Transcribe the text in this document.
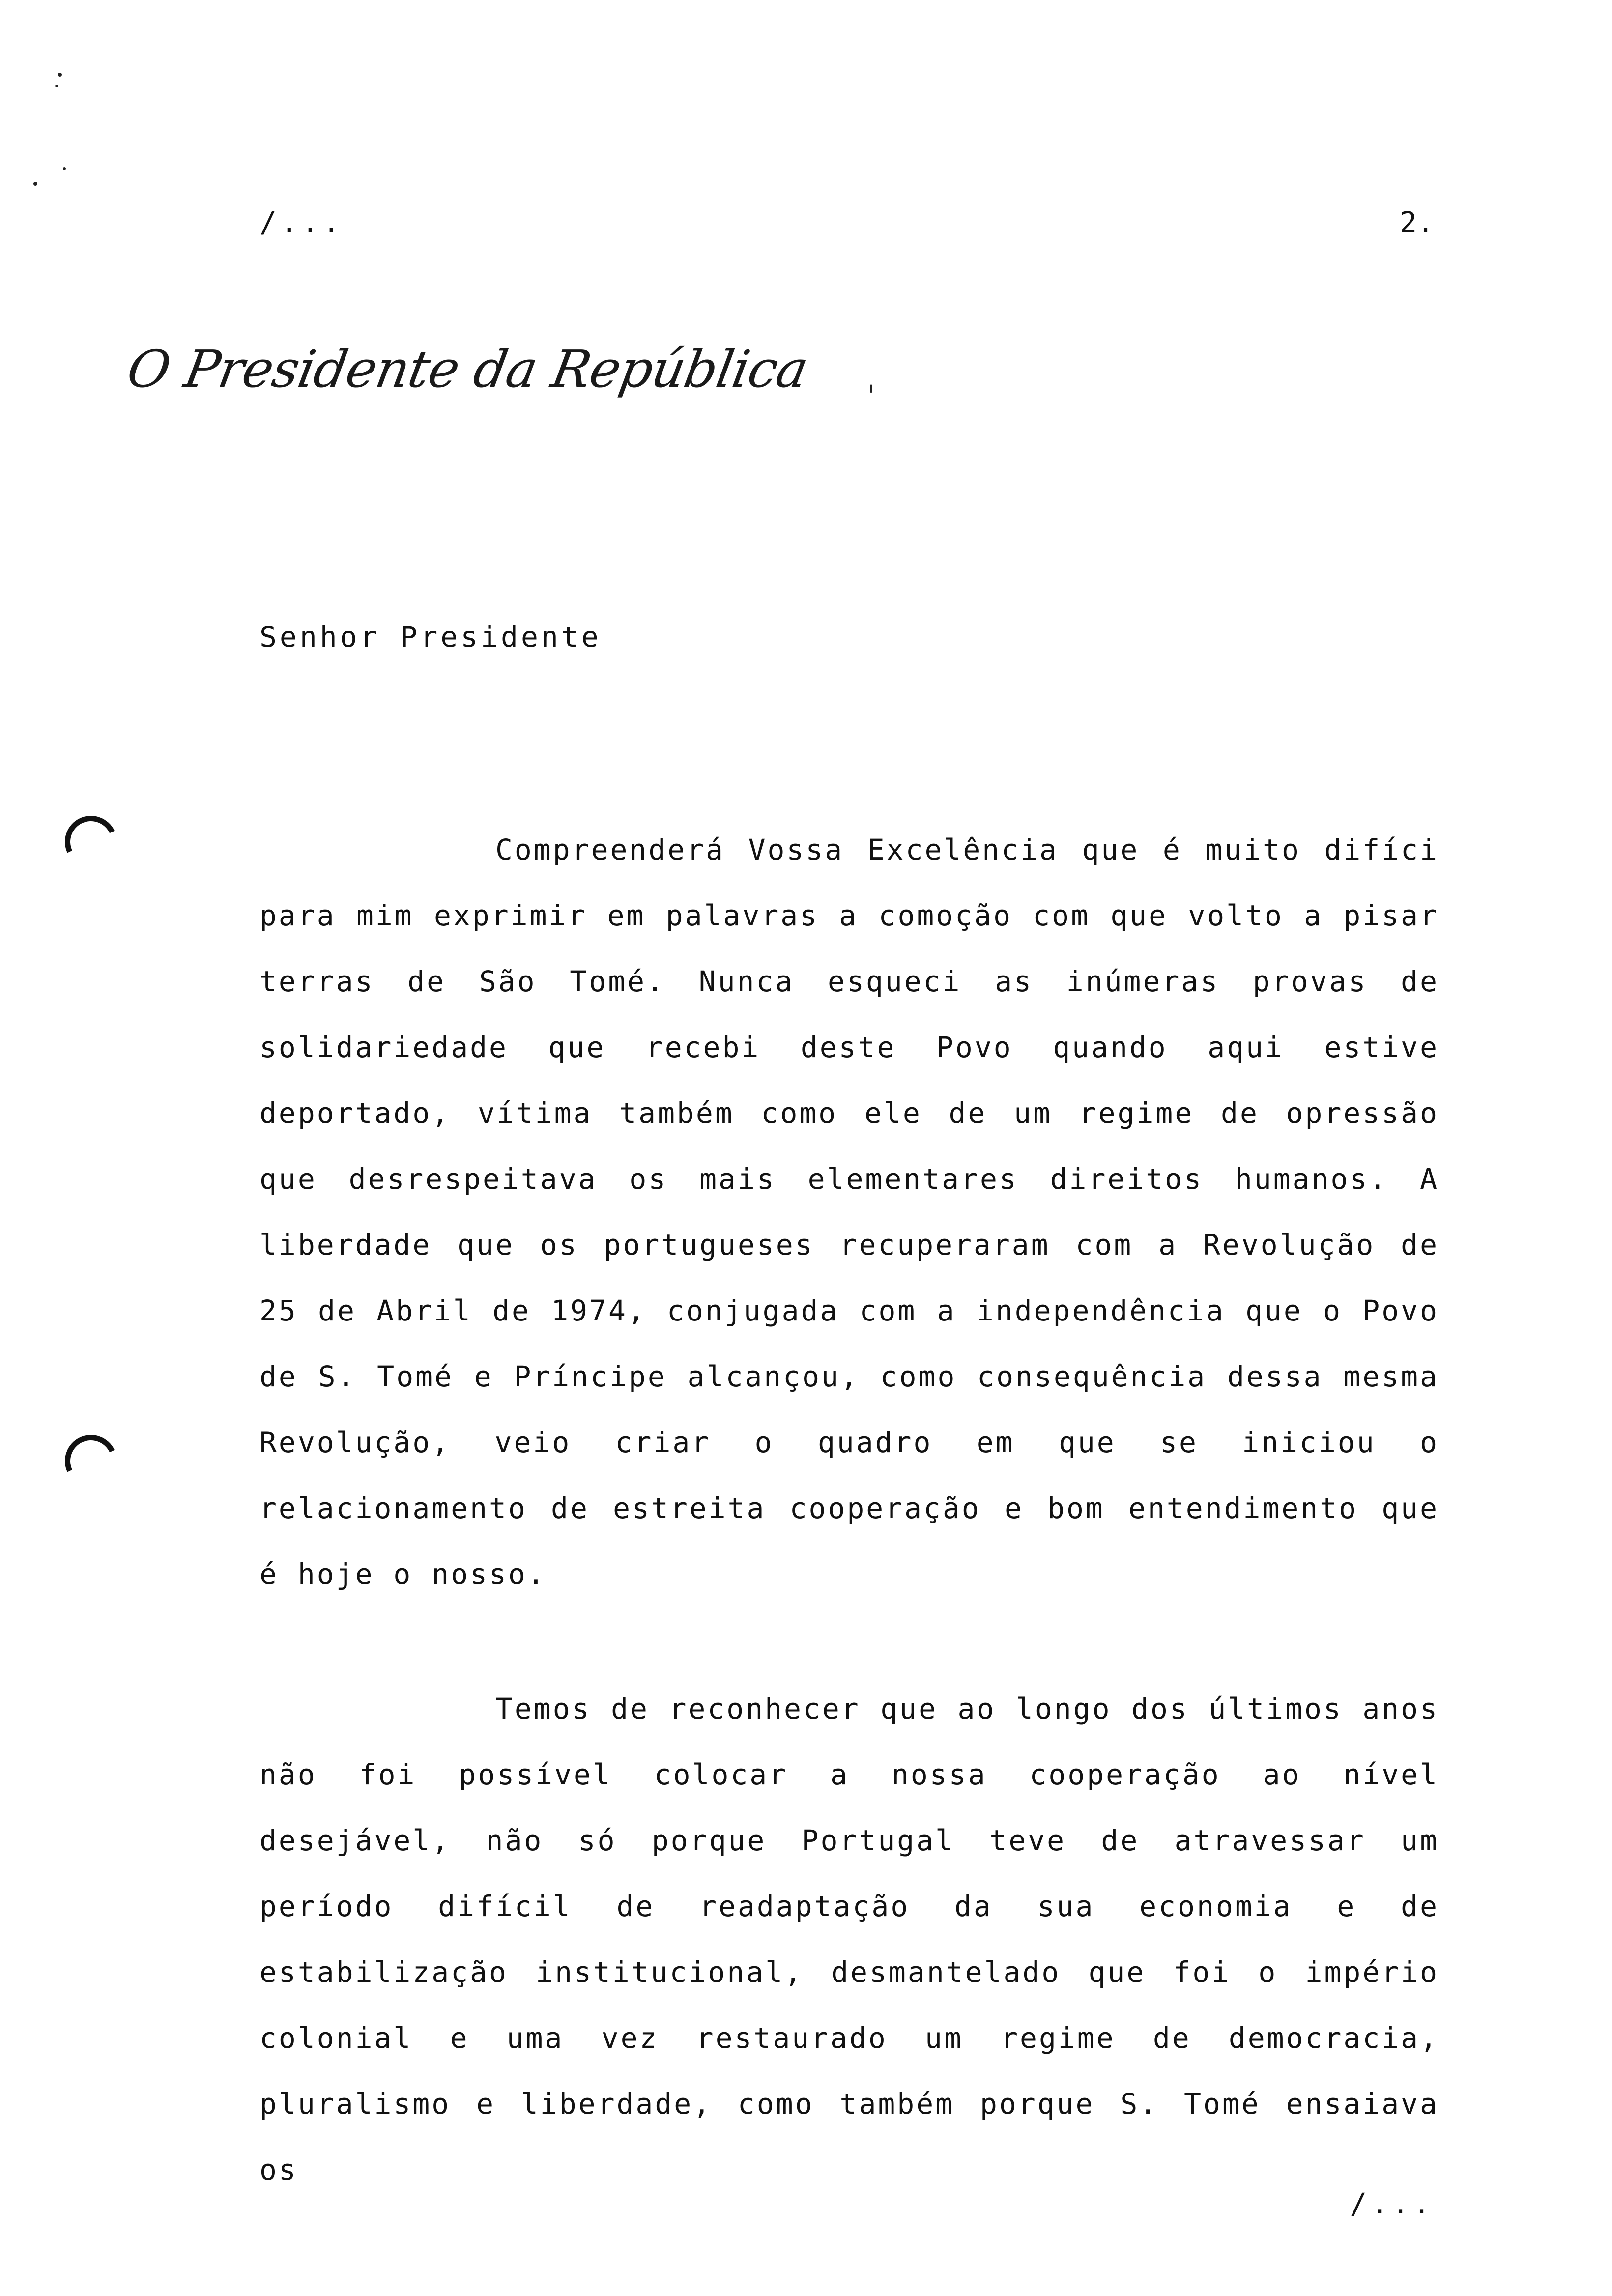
/...	2.
O Presidente da República
Senhor Presidente

Compreenderá Vossa Excelência que é muito difíci para mim exprimir em palavras a comoção com que volto a pisar terras de São Tomé. Nunca esqueci as inúmeras provas de solidariedade que recebi deste Povo quando aqui estive deportado, vítima também como ele de um regime de opressão que desrespeitava os mais elementares direitos humanos. A liberdade que os portugueses recuperaram com a Revolução de 25 de Abril de 1974, conjugada com a independência que o Povo de S. Tomé e Príncipe alcançou, como consequência dessa mesma Revolução, veio criar o quadro em que se iniciou o relacionamento de estreita cooperação e bom entendimento que é hoje o nosso.

Temos de reconhecer que ao longo dos últimos anos não foi possível colocar a nossa cooperação ao nível desejável, não só porque Portugal teve de atravessar um período difícil de readaptação da sua economia e de estabilização institucional, desmantelado que foi o império colonial e uma vez restaurado um regime de democracia, pluralismo e liberdade, como também porque S. Tomé ensaiava os

/...
